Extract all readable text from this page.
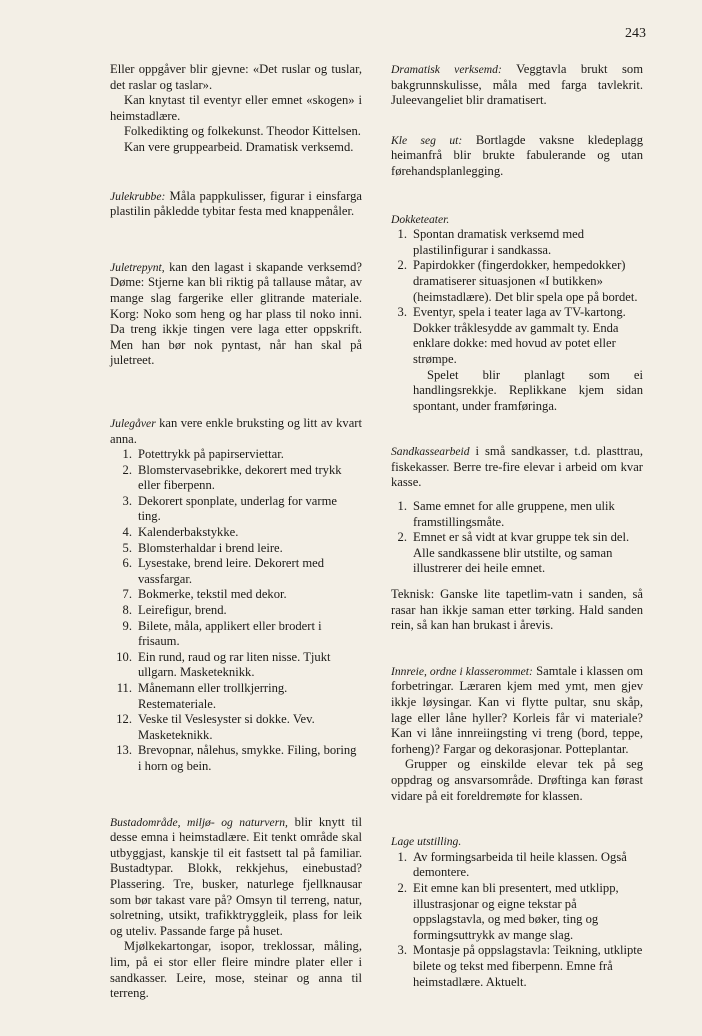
243

Eller oppgåver blir gjevne: «Det ruslar og tuslar, det raslar og taslar».

Kan knytast til eventyr eller emnet «skogen» i heimstadlære.

Folkedikting og folkekunst. Theodor Kittelsen.

Kan vere gruppearbeid. Dramatisk verksemd.

Julekrubbe: Måla pappkulisser, figurar i einsfarga plastilin påkledde tybitar festa med knappenåler.

Juletrepynt, kan den lagast i skapande verksemd? Døme: Stjerne kan bli riktig på tallause måtar, av mange slag fargerike eller glitrande materiale. Korg: Noko som heng og har plass til noko inni. Da treng ikkje tingen vere laga etter oppskrift. Men han bør nok pyntast, når han skal på juletreet.

Julegåver kan vere enkle bruksting og litt av kvart anna.

1. Potettrykk på papirserviettar.
2. Blomstervasebrikke, dekorert med trykk eller fiberpenn.
3. Dekorert sponplate, underlag for varme ting.
4. Kalenderbakstykke.
5. Blomsterhaldar i brend leire.
6. Lysestake, brend leire. Dekorert med vassfargar.
7. Bokmerke, tekstil med dekor.
8. Leirefigur, brend.
9. Bilete, måla, applikert eller brodert i frisaum.
10. Ein rund, raud og rar liten nisse. Tjukt ullgarn. Masketeknikk.
11. Månemann eller trollkjerring. Restemateriale.
12. Veske til Veslesyster si dokke. Vev. Masketeknikk.
13. Brevopnar, nålehus, smykke. Filing, boring i horn og bein.

Bustadområde, miljø- og naturvern, blir knytt til desse emna i heimstadlære. Eit tenkt område skal utbyggjast, kanskje til eit fastsett tal på familiar. Bustadtypar. Blokk, rekkjehus, einebustad? Plassering. Tre, busker, naturlege fjellknausar som bør takast vare på? Omsyn til terreng, natur, solretning, utsikt, trafikktryggleik, plass for leik og uteliv. Passande farge på huset.

Mjølkekartongar, isopor, treklossar, måling, lim, på ei stor eller fleire mindre plater eller i sandkasser. Leire, mose, steinar og anna til terreng.

Dramatisk verksemd: Veggtavla brukt som bakgrunnskulisse, måla med farga tavlekrit. Juleevangeliet blir dramatisert.

Kle seg ut: Bortlagde vaksne kledeplagg heimanfrå blir brukte fabulerande og utan førehandsplanlegging.

Dokketeater.

1. Spontan dramatisk verksemd med plastilinfigurar i sandkassa.
2. Papirdokker (fingerdokker, hempedokker) dramatiserer situasjonen «I butikken» (heimstadlære). Det blir spela ope på bordet.
3. Eventyr, spela i teater laga av TV-kartong. Dokker tråklesydde av gammalt ty. Enda enklare dokke: med hovud av potet eller strømpe.

Spelet blir planlagt som ei handlingsrekkje. Replikkane kjem sidan spontant, under framføringa.

Sandkassearbeid i små sandkasser, t.d. plasttrau, fiskekasser. Berre tre-fire elevar i arbeid om kvar kasse.

1. Same emnet for alle gruppene, men ulik framstillingsmåte.
2. Emnet er så vidt at kvar gruppe tek sin del. Alle sandkassene blir utstilte, og saman illustrerer dei heile emnet.

Teknisk: Ganske lite tapetlim-vatn i sanden, så rasar han ikkje saman etter tørking. Hald sanden rein, så kan han brukast i årevis.

Innreie, ordne i klasserommet: Samtale i klassen om forbetringar. Læraren kjem med ymt, men gjev ikkje løysingar. Kan vi flytte pultar, snu skåp, lage eller låne hyller? Korleis får vi materiale? Kan vi låne innreiingsting vi treng (bord, teppe, forheng)? Fargar og dekorasjonar. Potteplantar.

Grupper og einskilde elevar tek på seg oppdrag og ansvarsområde. Drøftinga kan førast vidare på eit foreldremøte for klassen.

Lage utstilling.

1. Av formingsarbeida til heile klassen. Også demontere.
2. Eit emne kan bli presentert, med utklipp, illustrasjonar og eigne tekstar på oppslagstavla, og med bøker, ting og formingsuttrykk av mange slag.
3. Montasje på oppslagstavla: Teikning, utklipte bilete og tekst med fiberpenn. Emne frå heimstadlære. Aktuelt.
